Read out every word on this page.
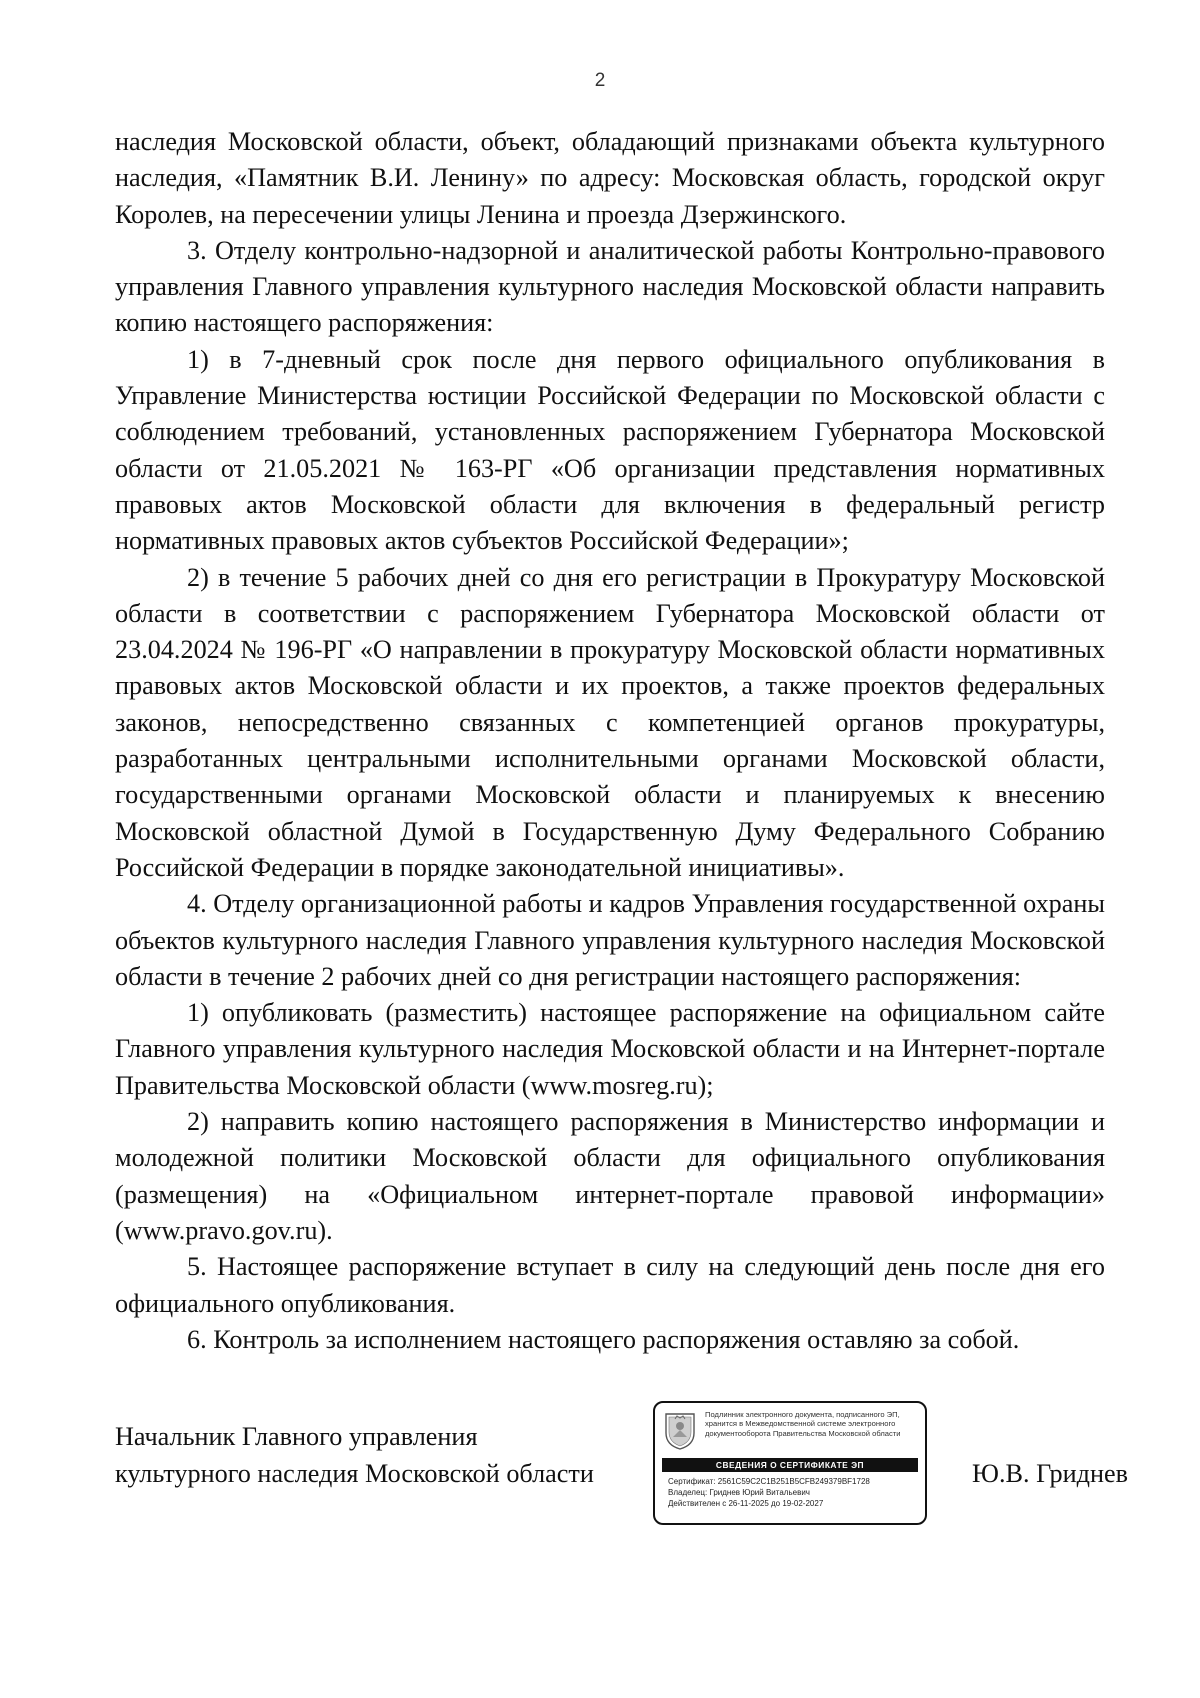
2

наследия Московской области, объект, обладающий признаками объекта культурного наследия, «Памятник В.И. Ленину» по адресу: Московская область, городской округ Королев, на пересечении улицы Ленина и проезда Дзержинского.

3. Отделу контрольно-надзорной и аналитической работы Контрольно-правового управления Главного управления культурного наследия Московской области направить копию настоящего распоряжения:

1) в 7-дневный срок после дня первого официального опубликования в Управление Министерства юстиции Российской Федерации по Московской области с соблюдением требований, установленных распоряжением Губернатора Московской области от 21.05.2021 № 163-РГ «Об организации представления нормативных правовых актов Московской области для включения в федеральный регистр нормативных правовых актов субъектов Российской Федерации»;

2) в течение 5 рабочих дней со дня его регистрации в Прокуратуру Московской области в соответствии с распоряжением Губернатора Московской области от 23.04.2024 № 196-РГ «О направлении в прокуратуру Московской области нормативных правовых актов Московской области и их проектов, а также проектов федеральных законов, непосредственно связанных с компетенцией органов прокуратуры, разработанных центральными исполнительными органами Московской области, государственными органами Московской области и планируемых к внесению Московской областной Думой в Государственную Думу Федерального Собранию Российской Федерации в порядке законодательной инициативы».

4. Отделу организационной работы и кадров Управления государственной охраны объектов культурного наследия Главного управления культурного наследия Московской области в течение 2 рабочих дней со дня регистрации настоящего распоряжения:

1) опубликовать (разместить) настоящее распоряжение на официальном сайте Главного управления культурного наследия Московской области и на Интернет-портале Правительства Московской области (www.mosreg.ru);

2) направить копию настоящего распоряжения в Министерство информации и молодежной политики Московской области для официального опубликования (размещения) на «Официальном интернет-портале правовой информации» (www.pravo.gov.ru).

5. Настоящее распоряжение вступает в силу на следующий день после дня его официального опубликования.

6. Контроль за исполнением настоящего распоряжения оставляю за собой.

Начальник Главного управления
культурного наследия Московской области
Подлинник электронного документа, подписанного ЭП,
хранится в Межведомственной системе электронного
документооборота Правительства Московской области
СВЕДЕНИЯ О СЕРТИФИКАТЕ ЭП
Сертификат: 2561C59C2C1B251B5CFB249379BF1728
Владелец: Гриднев Юрий Витальевич
Действителен с 26-11-2025 до 19-02-2027
Ю.В. Гриднев
